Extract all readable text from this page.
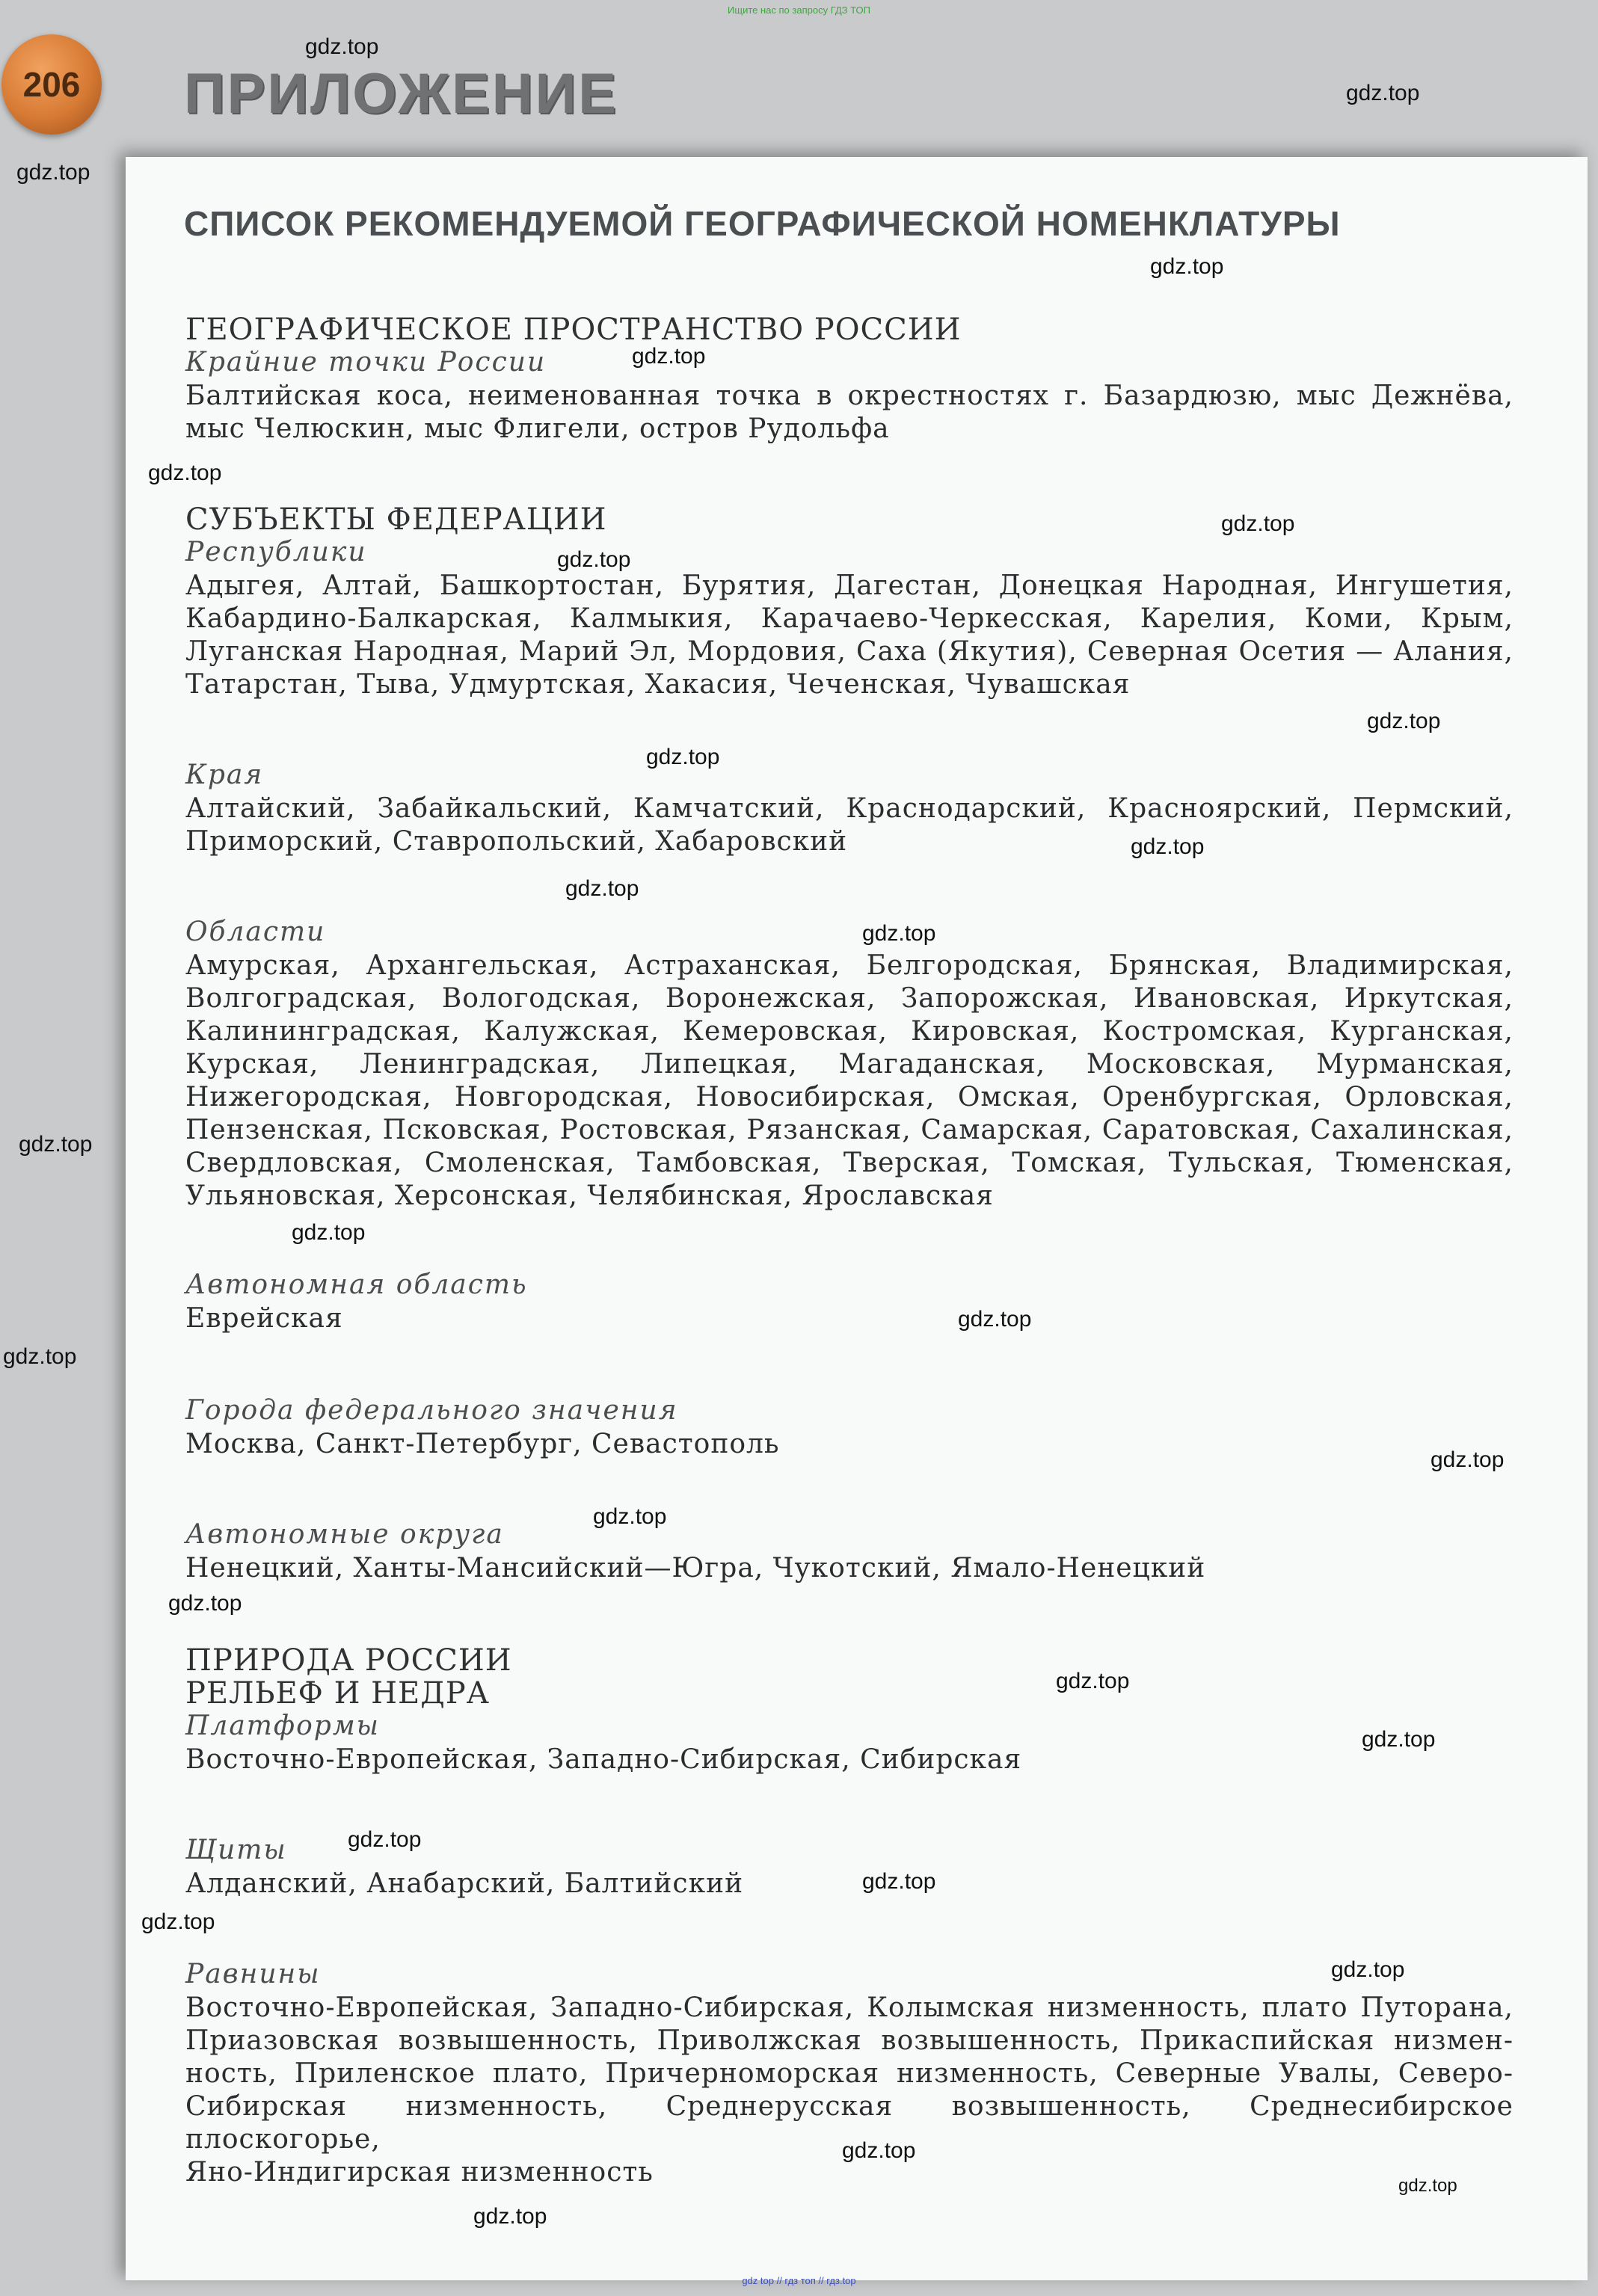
Ищите нас по запросу ГДЗ ТОП
206 ПРИЛОЖЕНИЕ
СПИСОК РЕКОМЕНДУЕМОЙ ГЕОГРАФИЧЕСКОЙ НОМЕНКЛАТУРЫ
ГЕОГРАФИЧЕСКОЕ ПРОСТРАНСТВО РОССИИ
Крайние точки России
Балтийская коса, неименованная точка в окрестностях г. Базардюзю, мыс Дежнёва,
мыс Челюскин, мыс Флигели, остров Рудольфа
СУБЪЕКТЫ ФЕДЕРАЦИИ
Республики
Адыгея, Алтай, Башкортостан, Бурятия, Дагестан, Донецкая Народная, Ингушетия,
Кабардино-Балкарская, Калмыкия, Карачаево-Черкесская, Карелия, Коми, Крым,
Луганская Народная, Марий Эл, Мордовия, Саха (Якутия), Северная Осетия — Алания,
Татарстан, Тыва, Удмуртская, Хакасия, Чеченская, Чувашская
Края
Алтайский, Забайкальский, Камчатский, Краснодарский, Красноярский, Пермский,
Приморский, Ставропольский, Хабаровский
Области
Амурская, Архангельская, Астраханская, Белгородская, Брянская, Владимирская,
Волгоградская, Вологодская, Воронежская, Запорожская, Ивановская, Иркутская,
Калининградская, Калужская, Кемеровская, Кировская, Костромская, Курганская,
Курская, Ленинградская, Липецкая, Магаданская, Московская, Мурманская,
Нижегородская, Новгородская, Новосибирская, Омская, Оренбургская, Орловская,
Пензенская, Псковская, Ростовская, Рязанская, Самарская, Саратовская, Сахалинская,
Свердловская, Смоленская, Тамбовская, Тверская, Томская, Тульская, Тюменская,
Ульяновская, Херсонская, Челябинская, Ярославская
Автономная область
Еврейская
Города федерального значения
Москва, Санкт-Петербург, Севастополь
Автономные округа
Ненецкий, Ханты-Мансийский—Югра, Чукотский, Ямало-Ненецкий
ПРИРОДА РОССИИ
РЕЛЬЕФ И НЕДРА
Платформы
Восточно-Европейская, Западно-Сибирская, Сибирская
Щиты
Алданский, Анабарский, Балтийский
Равнины
Восточно-Европейская, Западно-Сибирская, Колымская низменность, плато Путорана,
Приазовская возвышенность, Приволжская возвышенность, Прикаспийская низмен-
ность, Приленское плато, Причерноморская низменность, Северные Увалы, Северо-
Сибирская низменность, Среднерусская возвышенность, Среднесибирское плоскогорье,
Яно-Индигирская низменность
gdz.top
gdz.top
gdz.top
gdz.top
gdz.top
gdz.top
gdz.top
gdz.top
gdz.top
gdz.top
gdz.top
gdz.top
gdz.top
gdz.top
gdz.top
gdz.top
gdz.top
gdz.top
gdz.top
gdz.top
gdz.top
gdz.top
gdz.top
gdz.top
gdz.top
gdz.top
gdz.top
gdz.top
gdz.top
gdz top // гдз топ // гдз.top
